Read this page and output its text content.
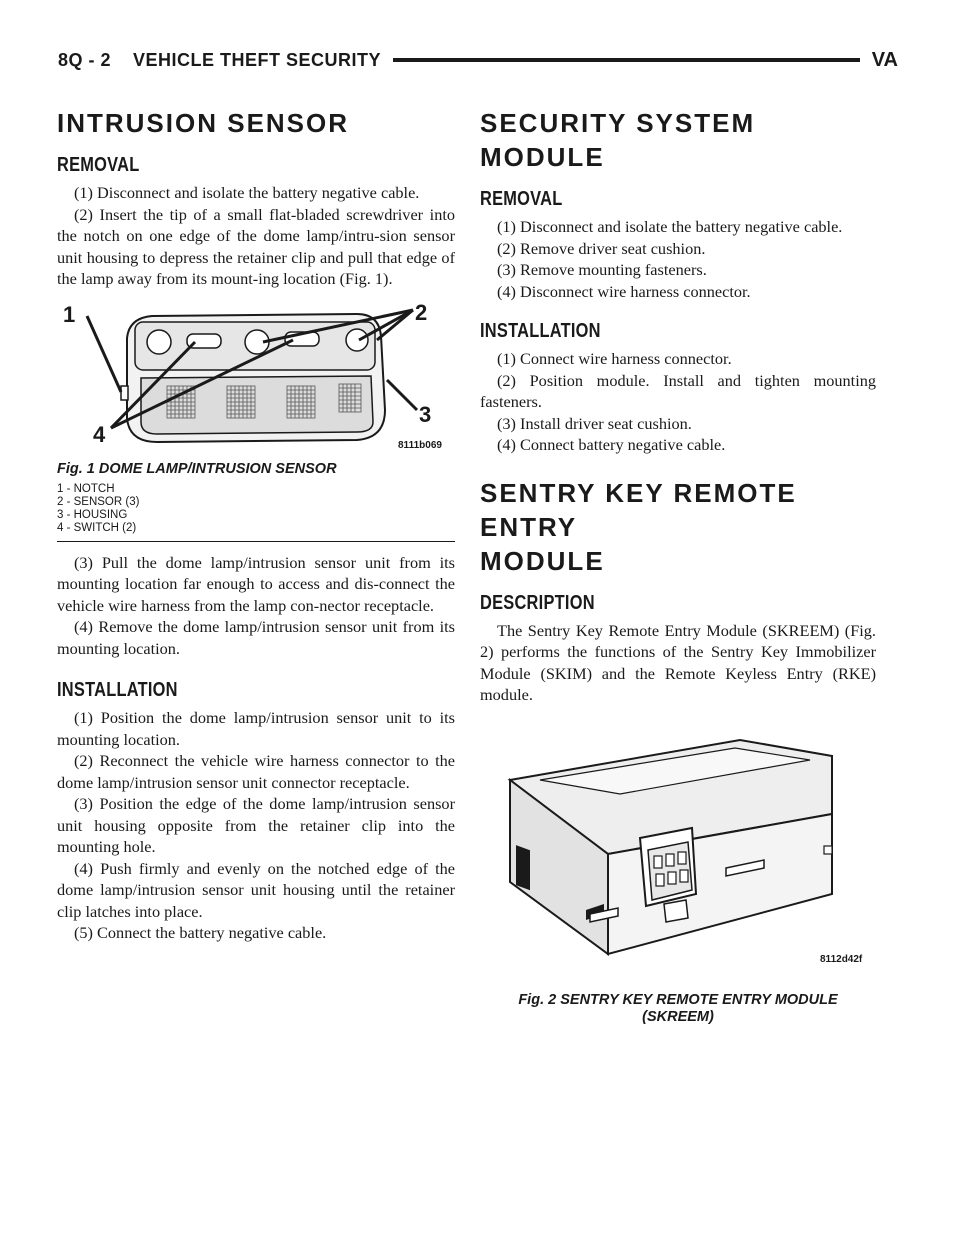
8Q - 2    VEHICLE THEFT SECURITY	VA
INTRUSION SENSOR
REMOVAL

(1) Disconnect and isolate the battery negative cable.

(2) Insert the tip of a small flat-bladed screwdriver into the notch on one edge of the dome lamp/intru-sion sensor unit housing to depress the retainer clip and pull that edge of the lamp away from its mount-ing location (Fig. 1).

1	2
3
4	8111b069
Fig. 1 DOME LAMP/INTRUSION SENSOR
1 - NOTCH
2 - SENSOR (3)
3 - HOUSING
4 - SWITCH (2)

(3) Pull the dome lamp/intrusion sensor unit from its mounting location far enough to access and dis-connect the vehicle wire harness from the lamp con-nector receptacle.

(4) Remove the dome lamp/intrusion sensor unit from its mounting location.

INSTALLATION

(1) Position the dome lamp/intrusion sensor unit to its mounting location.

(2) Reconnect the vehicle wire harness connector to the dome lamp/intrusion sensor unit connector receptacle.

(3) Position the edge of the dome lamp/intrusion sensor unit housing opposite from the retainer clip into the mounting hole.

(4) Push firmly and evenly on the notched edge of the dome lamp/intrusion sensor unit housing until the retainer clip latches into place.

(5) Connect the battery negative cable.

SECURITY SYSTEM MODULE
REMOVAL

(1) Disconnect and isolate the battery negative cable.

(2) Remove driver seat cushion.

(3) Remove mounting fasteners.

(4) Disconnect wire harness connector.

INSTALLATION

(1) Connect wire harness connector.

(2) Position module. Install and tighten mounting fasteners.

(3) Install driver seat cushion.

(4) Connect battery negative cable.

SENTRY KEY REMOTE ENTRY
MODULE
DESCRIPTION

The Sentry Key Remote Entry Module (SKREEM) (Fig. 2) performs the functions of the Sentry Key Immobilizer Module (SKIM) and the Remote Keyless Entry (RKE) module.

8112d42f
Fig. 2 SENTRY KEY REMOTE ENTRY MODULE
(SKREEM)
